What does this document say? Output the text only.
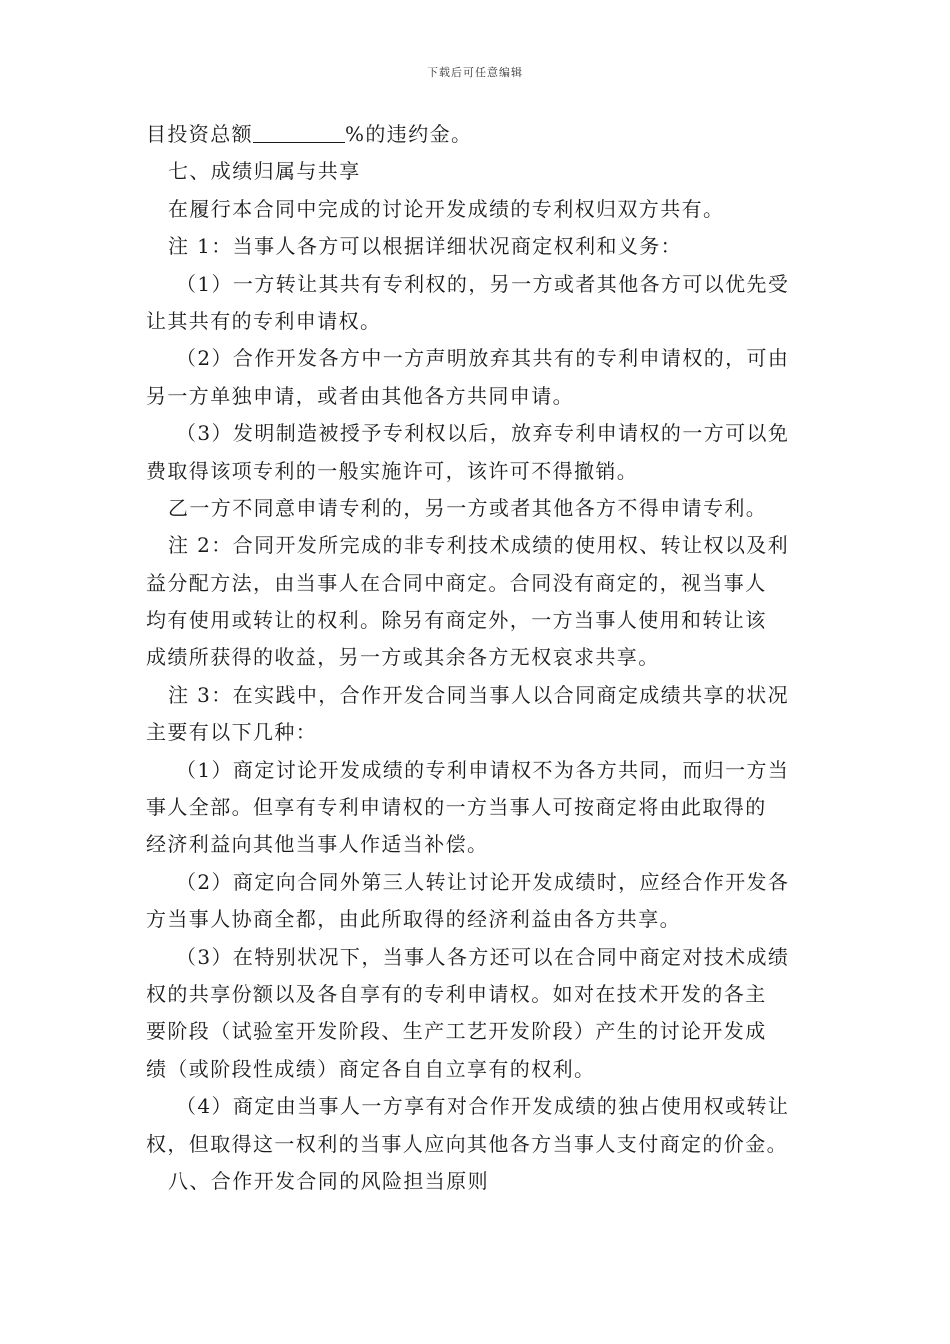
下载后可任意编辑
目投资总额	%的违约金。
七、成绩归属与共享
在履行本合同中完成的讨论开发成绩的专利权归双方共有。
注 1：当事人各方可以根据详细状况商定权利和义务：
（1）一方转让其共有专利权的，另一方或者其他各方可以优先受
让其共有的专利申请权。
（2）合作开发各方中一方声明放弃其共有的专利申请权的，可由
另一方单独申请，或者由其他各方共同申请。
（3）发明制造被授予专利权以后，放弃专利申请权的一方可以免
费取得该项专利的一般实施许可，该许可不得撤销。
乙一方不同意申请专利的，另一方或者其他各方不得申请专利。
注 2：合同开发所完成的非专利技术成绩的使用权、转让权以及利
益分配方法，由当事人在合同中商定。合同没有商定的，视当事人
均有使用或转让的权利。除另有商定外，一方当事人使用和转让该
成绩所获得的收益，另一方或其余各方无权哀求共享。
注 3：在实践中，合作开发合同当事人以合同商定成绩共享的状况
主要有以下几种：
（1）商定讨论开发成绩的专利申请权不为各方共同，而归一方当
事人全部。但享有专利申请权的一方当事人可按商定将由此取得的
经济利益向其他当事人作适当补偿。
（2）商定向合同外第三人转让讨论开发成绩时，应经合作开发各
方当事人协商全都，由此所取得的经济利益由各方共享。
（3）在特别状况下，当事人各方还可以在合同中商定对技术成绩
权的共享份额以及各自享有的专利申请权。如对在技术开发的各主
要阶段（试验室开发阶段、生产工艺开发阶段）产生的讨论开发成
绩（或阶段性成绩）商定各自自立享有的权利。
（4）商定由当事人一方享有对合作开发成绩的独占使用权或转让
权，但取得这一权利的当事人应向其他各方当事人支付商定的价金。
八、合作开发合同的风险担当原则
